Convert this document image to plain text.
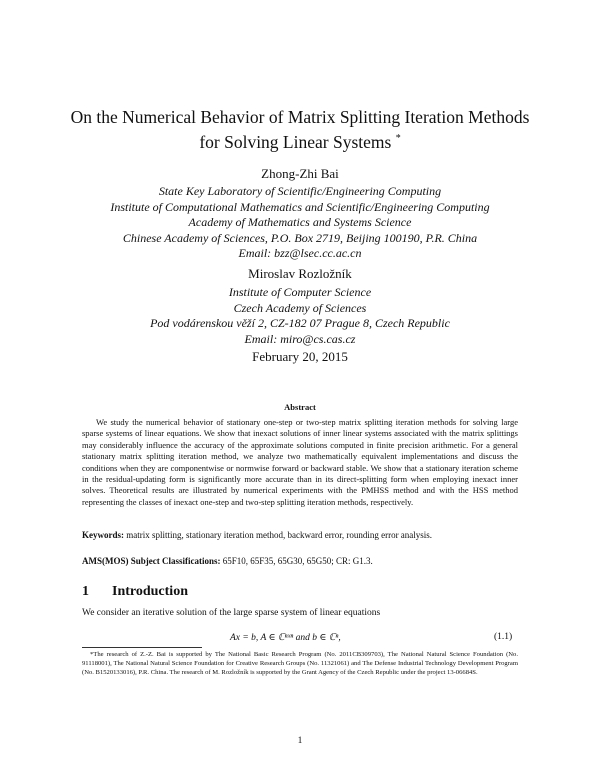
On the Numerical Behavior of Matrix Splitting Iteration Methods
for Solving Linear Systems *
Zhong-Zhi Bai
State Key Laboratory of Scientific/Engineering Computing
Institute of Computational Mathematics and Scientific/Engineering Computing
Academy of Mathematics and Systems Science
Chinese Academy of Sciences, P.O. Box 2719, Beijing 100190, P.R. China
Email: bzz@lsec.cc.ac.cn
Miroslav Rozložník
Institute of Computer Science
Czech Academy of Sciences
Pod vodárenskou věží 2, CZ-182 07 Prague 8, Czech Republic
Email: miro@cs.cas.cz
February 20, 2015
Abstract
We study the numerical behavior of stationary one-step or two-step matrix splitting iteration methods for solving large sparse systems of linear equations. We show that inexact solutions of inner linear systems associated with the matrix splittings may considerably influence the accuracy of the approximate solutions computed in finite precision arithmetic. For a general stationary matrix splitting iteration method, we analyze two mathematically equivalent implementations and discuss the conditions when they are componentwise or normwise forward or backward stable. We show that a stationary iteration scheme in the residual-updating form is significantly more accurate than in its direct-splitting form when employing inexact inner solves. Theoretical results are illustrated by numerical experiments with the PMHSS method and with the HSS method representing the classes of inexact one-step and two-step splitting iteration methods, respectively.
Keywords: matrix splitting, stationary iteration method, backward error, rounding error analysis.
AMS(MOS) Subject Classifications: 65F10, 65F35, 65G30, 65G50; CR: G1.3.
1 Introduction
We consider an iterative solution of the large sparse system of linear equations
Ax = b, A ∈ ℂⁿˣⁿ and b ∈ ℂⁿ,	(1.1)
*The research of Z.-Z. Bai is supported by The National Basic Research Program (No. 2011CB309703), The National Natural Science Foundation (No. 91118001), The National Natural Science Foundation for Creative Research Groups (No. 11321061) and The Defense Industrial Technology Development Program (No. B1520133016), P.R. China. The research of M. Rozložník is supported by the Grant Agency of the Czech Republic under the project 13-06684S.
1
